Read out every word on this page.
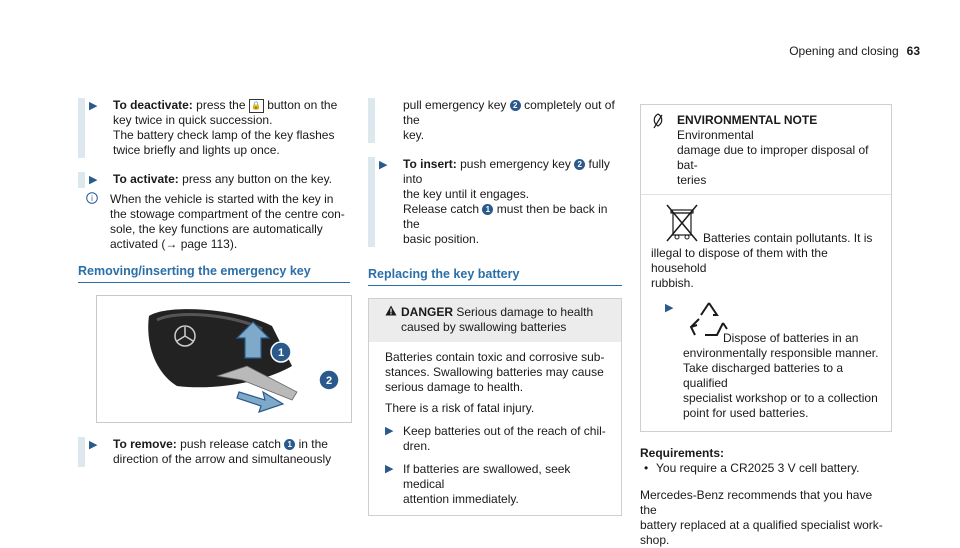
Opening and closing 63
▶	To deactivate: press the 🔒 button on the
key twice in quick succession.
The battery check lamp of the key flashes
twice briefly and lights up once.
▶	To activate: press any button on the key.
i When the vehicle is started with the key in
the stowage compartment of the centre con-
sole, the key functions are automatically
activated (→ page 113).
Removing/inserting the emergency key
1
2
▶	To remove: push release catch 1 in the
direction of the arrow and simultaneously
pull emergency key 2 completely out of the
key.
▶	To insert: push emergency key 2 fully into
the key until it engages.
Release catch 1 must then be back in the
basic position.
Replacing the key battery
DANGER Serious damage to health
caused by swallowing batteries

Batteries contain toxic and corrosive sub-
stances. Swallowing batteries may cause
serious damage to health.

There is a risk of fatal injury.

▶ Keep batteries out of the reach of chil-
dren.
▶ If batteries are swallowed, seek medical
attention immediately.
ENVIRONMENTAL NOTE Environmental
damage due to improper disposal of bat-
teries
Batteries contain pollutants. It is
illegal to dispose of them with the household
rubbish.
▶
Dispose of batteries in an
environmentally responsible manner.
Take discharged batteries to a qualified
specialist workshop or to a collection
point for used batteries.
Requirements:
• You require a CR2025 3 V cell battery.
Mercedes-Benz recommends that you have the
battery replaced at a qualified specialist work-
shop.
